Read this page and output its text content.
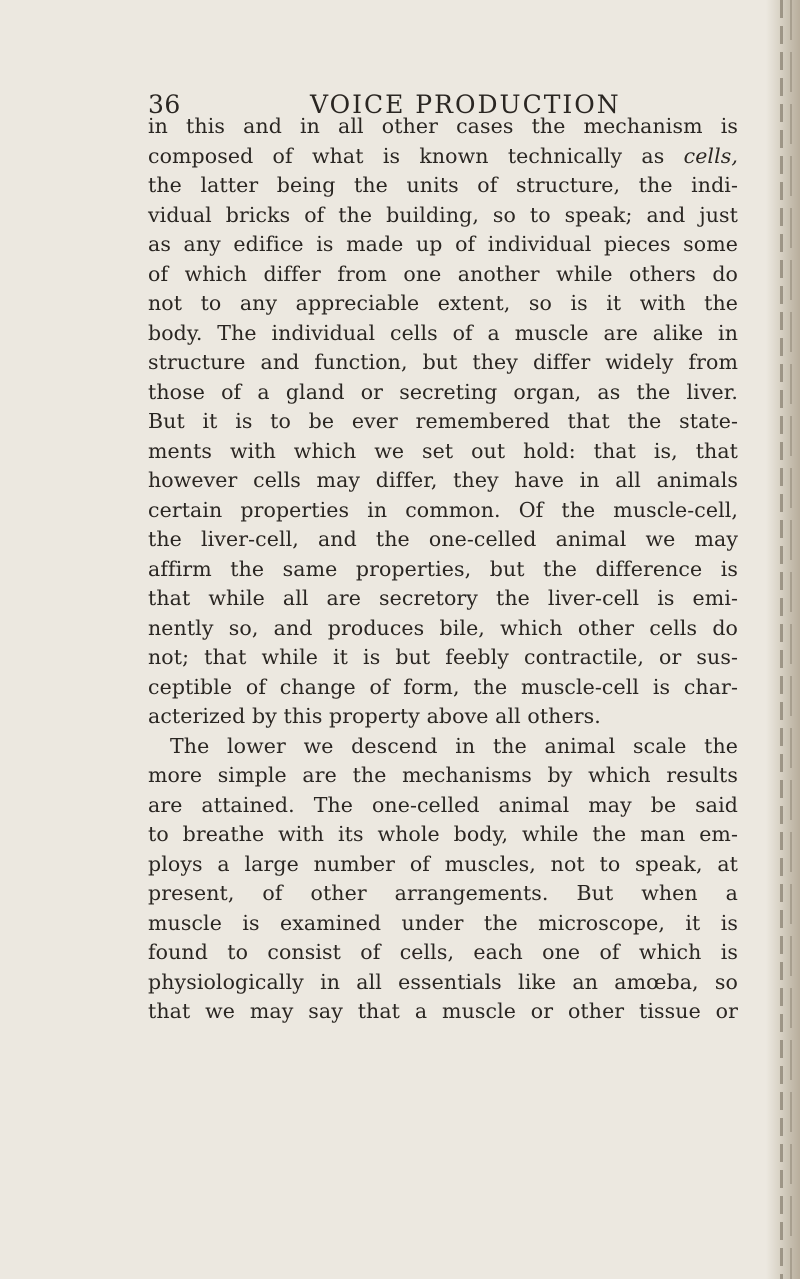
36	VOICE PRODUCTION
in this and in all other cases the mechanism is
composed of what is known technically as cells,
the latter being the units of structure, the indi-
vidual bricks of the building, so to speak; and just
as any edifice is made up of individual pieces some
of which differ from one another while others do
not to any appreciable extent, so is it with the
body. The individual cells of a muscle are alike in
structure and function, but they differ widely from
those of a gland or secreting organ, as the liver.
But it is to be ever remembered that the state-
ments with which we set out hold: that is, that
however cells may differ, they have in all animals
certain properties in common. Of the muscle-cell,
the liver-cell, and the one-celled animal we may
affirm the same properties, but the difference is
that while all are secretory the liver-cell is emi-
nently so, and produces bile, which other cells do
not; that while it is but feebly contractile, or sus-
ceptible of change of form, the muscle-cell is char-
acterized by this property above all others.
The lower we descend in the animal scale the
more simple are the mechanisms by which results
are attained. The one-celled animal may be said
to breathe with its whole body, while the man em-
ploys a large number of muscles, not to speak, at
present, of other arrangements. But when a
muscle is examined under the microscope, it is
found to consist of cells, each one of which is
physiologically in all essentials like an amœba, so
that we may say that a muscle or other tissue or
